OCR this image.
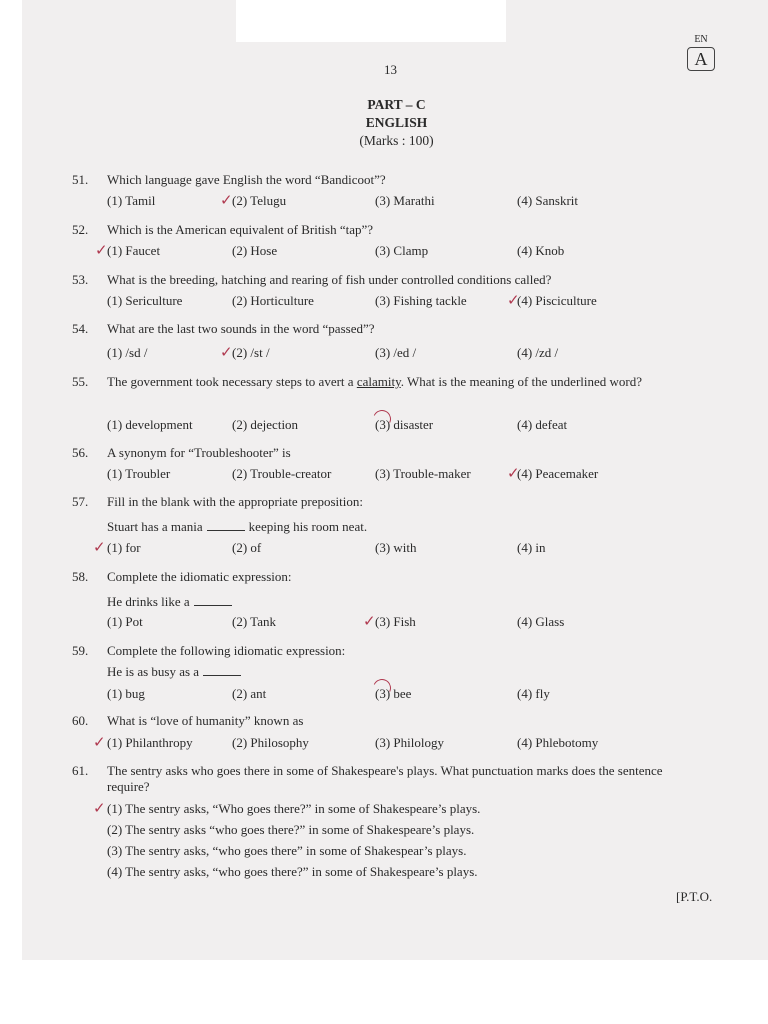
13
EN
A
PART – C
ENGLISH
(Marks : 100)
51. Which language gave English the word “Bandicoot”?
(1) Tamil	(2) Telugu	(3) Marathi	(4) Sanskrit
✓
52. Which is the American equivalent of British “tap”?
(1) Faucet	(2) Hose	(3) Clamp	(4) Knob
✓
53. What is the breeding, hatching and rearing of fish under controlled conditions called?
(1) Sericulture	(2) Horticulture	(3) Fishing tackle	(4) Pisciculture
✓
54. What are the last two sounds in the word “passed”?
(1) /sd /	(2) /st /	(3) /ed /	(4) /zd /
✓
55. The government took necessary steps to avert a calamity. What is the meaning of the underlined word?
(1) development	(2) dejection	(3) disaster	(4) defeat
56. A synonym for “Troubleshooter” is
(1) Troubler	(2) Trouble-creator	(3) Trouble-maker	(4) Peacemaker
✓
57. Fill in the blank with the appropriate preposition:
Stuart has a mania	keeping his room neat.
(1) for	(2) of	(3) with	(4) in
✓
58. Complete the idiomatic expression:
He drinks like a
(1) Pot	(2) Tank	(3) Fish	(4) Glass
✓
59. Complete the following idiomatic expression:
He is as busy as a
(1) bug	(2) ant	(3) bee	(4) fly
60. What is “love of humanity” known as
(1) Philanthropy	(2) Philosophy	(3) Philology	(4) Phlebotomy
✓
61. The sentry asks who goes there in some of Shakespeare's plays. What punctuation marks does the sentence require?
(1) The sentry asks, “Who goes there?” in some of Shakespeare’s plays.
(2) The sentry asks “who goes there?” in some of Shakespeare’s plays.
(3) The sentry asks, “who goes there” in some of Shakespear’s plays.
(4) The sentry asks, “who goes there?” in some of Shakespeare’s plays.
✓
[P.T.O.
